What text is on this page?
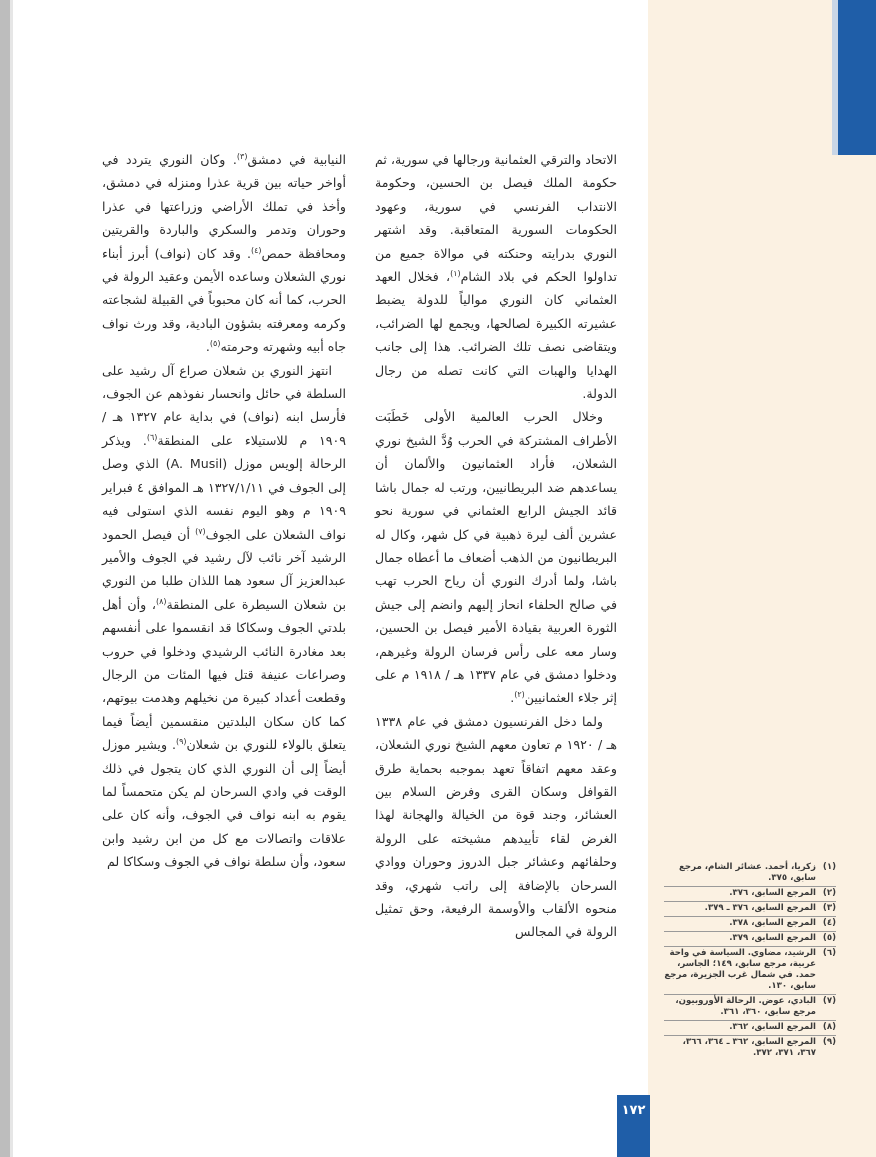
الاتحاد والترقي العثمانية ورجالها في سورية، ثم حكومة الملك فيصل بن الحسين، وحكومة الانتداب الفرنسي في سورية، وعهود الحكومات السورية المتعاقبة. وقد اشتهر النوري بدرايته وحنكته في موالاة جميع من تداولوا الحكم في بلاد الشام$^{(١)}$، فخلال العهد العثماني كان النوري موالياً للدولة يضبط عشيرته الكبيرة لصالحها، ويجمع لها الضرائب، ويتقاضى نصف تلك الضرائب. هذا إلى جانب الهدايا والهبات التي كانت تصله من رجال الدولة.

وخلال الحرب العالمية الأولى خَطَبَت الأطراف المشتركة في الحرب وُدَّ الشيخ نوري الشعلان، فأراد العثمانيون والألمان أن يساعدهم ضد البريطانيين، ورتب له جمال باشا قائد الجيش الرابع العثماني في سورية نحو عشرين ألف ليرة ذهبية في كل شهر، وكال له البريطانيون من الذهب أضعاف ما أعطاه جمال باشا، ولما أدرك النوري أن رياح الحرب تهب في صالح الحلفاء انحاز إليهم وانضم إلى جيش الثورة العربية بقيادة الأمير فيصل بن الحسين، وسار معه على رأس فرسان الرولة وغيرهم، ودخلوا دمشق في عام ١٣٣٧ هـ / ١٩١٨ م على إثر جلاء العثمانيين$^{(٢)}$.

ولما دخل الفرنسيون دمشق في عام ١٣٣٨ هـ / ١٩٢٠ م تعاون معهم الشيخ نوري الشعلان، وعقد معهم اتفاقاً تعهد بموجبه بحماية طرق القوافل وسكان القرى وفرض السلام بين العشائر، وجند قوة من الخيالة والهجانة لهذا الغرض لقاء تأييدهم مشيخته على الرولة وحلفائهم وعشائر جبل الدروز وحوران ووادي السرحان بالإضافة إلى راتب شهري، وقد منحوه الألقاب والأوسمة الرفيعة، وحق تمثيل الرولة في المجالس

النيابية في دمشق$^{(٣)}$. وكان النوري يتردد في أواخر حياته بين قرية عذرا ومنزله في دمشق، وأخذ في تملك الأراضي وزراعتها في عذرا وحوران وتدمر والسكري والباردة والقريتين ومحافظة حمص$^{(٤)}$. وقد كان (نواف) أبرز أبناء نوري الشعلان وساعده الأيمن وعقيد الرولة في الحرب، كما أنه كان محبوباً في القبيلة لشجاعته وكرمه ومعرفته بشؤون البادية، وقد ورث نواف جاه أبيه وشهرته وحرمته$^{(٥)}$.

انتهز النوري بن شعلان صراع آل رشيد على السلطة في حائل وانحسار نفوذهم عن الجوف، فأرسل ابنه (نواف) في بداية عام ١٣٢٧ هـ / ١٩٠٩ م للاستيلاء على المنطقة$^{(٦)}$. ويذكر الرحالة إلويس موزل (A. Musil) الذي وصل إلى الجوف في ١٣٢٧/١/١١ هـ الموافق ٤ فبراير ١٩٠٩ م وهو اليوم نفسه الذي استولى فيه نواف الشعلان على الجوف$^{(٧)}$ أن فيصل الحمود الرشيد آخر نائب لآل رشيد في الجوف والأمير عبدالعزيز آل سعود هما اللذان طلبا من النوري بن شعلان السيطرة على المنطقة$^{(٨)}$، وأن أهل بلدتي الجوف وسكاكا قد انقسموا على أنفسهم بعد مغادرة النائب الرشيدي ودخلوا في حروب وصراعات عنيفة قتل فيها المئات من الرجال وقطعت أعداد كبيرة من نخيلهم وهدمت بيوتهم، كما كان سكان البلدتين منقسمين أيضاً فيما يتعلق بالولاء للنوري بن شعلان$^{(٩)}$. ويشير موزل أيضاً إلى أن النوري الذي كان يتجول في ذلك الوقت في وادي السرحان لم يكن متحمساً لما يقوم به ابنه نواف في الجوف، وأنه كان على علاقات واتصالات مع كل من ابن رشيد وابن سعود، وأن سلطة نواف في الجوف وسكاكا لم	(١)
زكريا، أحمد. عشائر الشام، مرجع سابق، ٣٧٥.
(٢)
المرجع السابق، ٣٧٦.
(٣)
المرجع السابق، ٣٧٦ ـ ٣٧٩.
(٤)
المرجع السابق، ٣٧٨.
(٥)
المرجع السابق، ٣٧٩.
(٦)
الرشيد، مضاوي. السياسة في واحة عربية، مرجع سابق، ١٤٩؛ الجاسر، حمد. في شمال غرب الجزيرة، مرجع سابق، ١٣٠.
(٧)
البادي، عوض. الرحالة الأوروبيون، مرجع سابق، ٣٦٠، ٣٦١.
(٨)
المرجع السابق، ٣٦٢.
(٩)
المرجع السابق، ٣٦٢ ـ ٣٦٤، ٣٦٦، ٣٦٧، ٣٧١، ٣٧٢.
١٧٢
